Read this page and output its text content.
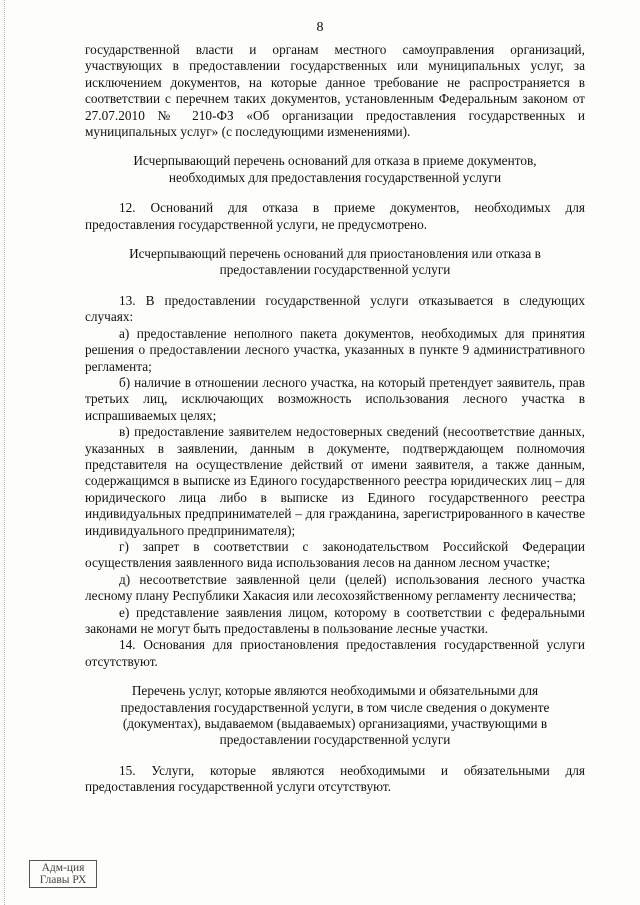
8

государственной власти и органам местного самоуправления организаций, участвующих в предоставлении государственных или муниципальных услуг, за исключением документов, на которые данное требование не распространяется в соответствии с перечнем таких документов, установленным Федеральным законом от 27.07.2010 № 210-ФЗ «Об организации предоставления государственных и муниципальных услуг» (с последующими изменениями).

Исчерпывающий перечень оснований для отказа в приеме документов, необходимых для предоставления государственной услуги

12. Оснований для отказа в приеме документов, необходимых для предоставления государственной услуги, не предусмотрено.

Исчерпывающий перечень оснований для приостановления или отказа в предоставлении государственной услуги

13. В предоставлении государственной услуги отказывается в следующих случаях:

а) предоставление неполного пакета документов, необходимых для принятия решения о предоставлении лесного участка, указанных в пункте 9 административного регламента;

б) наличие в отношении лесного участка, на который претендует заявитель, прав третьих лиц, исключающих возможность использования лесного участка в испрашиваемых целях;

в) предоставление заявителем недостоверных сведений (несоответствие данных, указанных в заявлении, данным в документе, подтверждающем полномочия представителя на осуществление действий от имени заявителя, а также данным, содержащимся в выписке из Единого государственного реестра юридических лиц – для юридического лица либо в выписке из Единого государственного реестра индивидуальных предпринимателей – для гражданина, зарегистрированного в качестве индивидуального предпринимателя);

г) запрет в соответствии с законодательством Российской Федерации осуществления заявленного вида использования лесов на данном лесном участке;

д) несоответствие заявленной цели (целей) использования лесного участка лесному плану Республики Хакасия или лесохозяйственному регламенту лесничества;

е) представление заявления лицом, которому в соответствии с федеральными законами не могут быть предоставлены в пользование лесные участки.

14. Основания для приостановления предоставления государственной услуги отсутствуют.

Перечень услуг, которые являются необходимыми и обязательными для предоставления государственной услуги, в том числе сведения о документе (документах), выдаваемом (выдаваемых) организациями, участвующими в предоставлении государственной услуги

15. Услуги, которые являются необходимыми и обязательными для предоставления государственной услуги отсутствуют.

Адм-ция
Главы РХ
